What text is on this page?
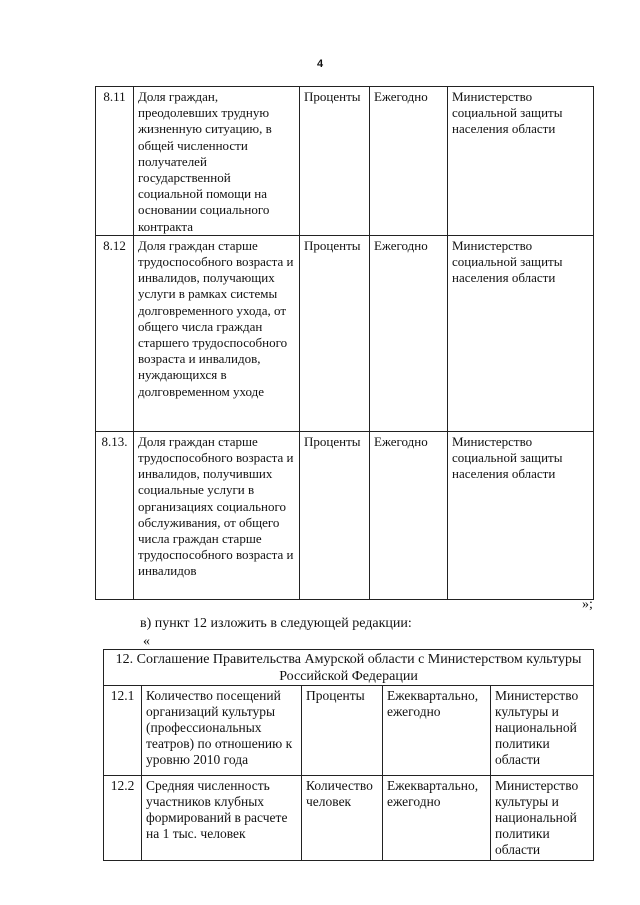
4
8.11	Доля граждан, преодолевших трудную жизненную ситуацию, в общей численности получателей государственной социальной помощи на основании социального контракта	Проценты	Ежегодно	Министерство социальной защиты населения области
8.12	Доля граждан старше трудоспособного возраста и инвалидов, получающих услуги в рамках системы долговременного ухода, от общего числа граждан старшего трудоспособного возраста и инвалидов, нуждающихся в долговременном уходе	Проценты	Ежегодно	Министерство социальной защиты населения области
8.13.	Доля граждан старше трудоспособного возраста и инвалидов, получивших социальные услуги в организациях социального обслуживания, от общего числа граждан старше трудоспособного возраста и инвалидов	Проценты	Ежегодно	Министерство социальной защиты населения области
»;
в) пункт 12 изложить в следующей редакции:
«
12. Соглашение Правительства Амурской области с Министерством культуры Российской Федерации				
12.1	Количество посещений организаций культуры (профессиональных театров) по отношению к уровню 2010 года	Проценты	Ежеквартально, ежегодно	Министерство культуры и национальной политики области
12.2	Средняя численность участников клубных формирований в расчете на 1 тыс. человек	Количество человек	Ежеквартально, ежегодно	Министерство культуры и национальной политики области
